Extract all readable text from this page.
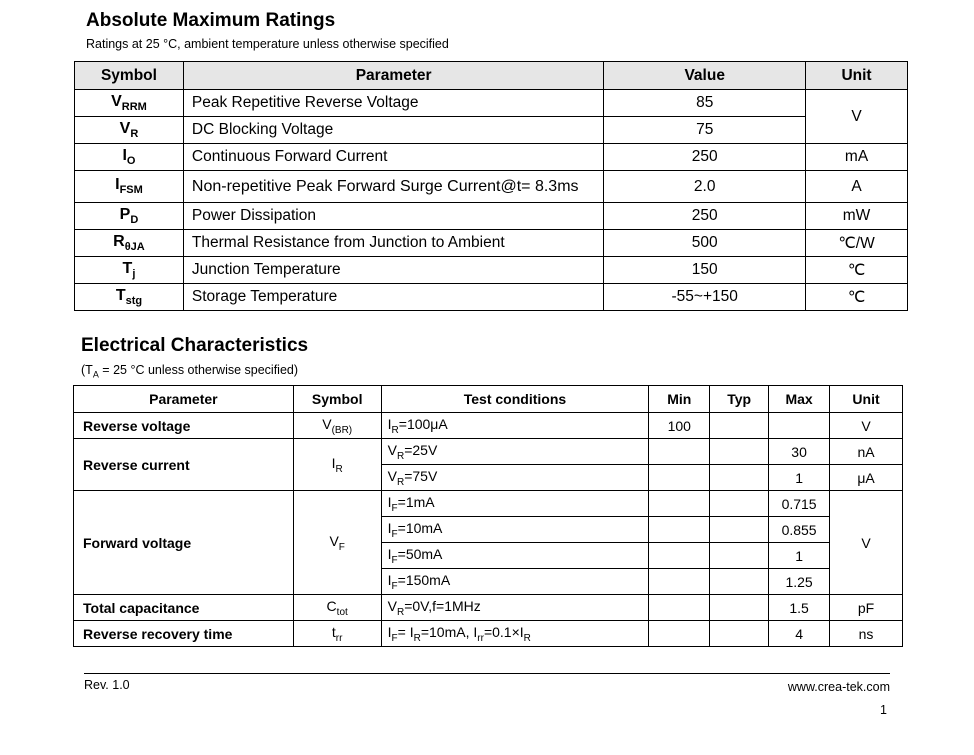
Absolute Maximum Ratings
Ratings at 25 °C, ambient temperature unless otherwise specified
Symbol	Parameter	Value	Unit
$V_{RRM}$	Peak Repetitive Reverse Voltage	85	V
$V_R$	DC Blocking Voltage	75	
$I_O$	Continuous Forward Current	250	mA
$I_{FSM}$	Non-repetitive Peak Forward Surge Current@t= 8.3ms	2.0	A
$P_D$	Power Dissipation	250	mW
$R_{\theta JA}$	Thermal Resistance from Junction to Ambient	500	℃/W
$T_j$	Junction Temperature	150	℃
$T_{stg}$	Storage Temperature	-55~+150	℃
Electrical Characteristics
($T_A = 25$ °C unless otherwise specified)
Parameter	Symbol	Test conditions	Min	Typ	Max	Unit
Reverse voltage	$V_{(BR)}$	$I_R=100\mu A$	100			V
Reverse current	$I_R$	$V_R=25V$			30	nA
		$V_R=75V$			1	μA
Forward voltage	$V_F$	$I_F=1mA$			0.715	V
		$I_F=10mA$			0.855	
		$I_F=50mA$			1	
		$I_F=150mA$			1.25	
Total capacitance	$C_{tot}$	$V_R=0V,f=1MHz$			1.5	pF
Reverse recovery time	$t_{rr}$	$I_F= I_R=10mA$, $I_{rr}=0.1\times I_R$			4	ns
Rev. 1.0	www.crea-tek.com
1
